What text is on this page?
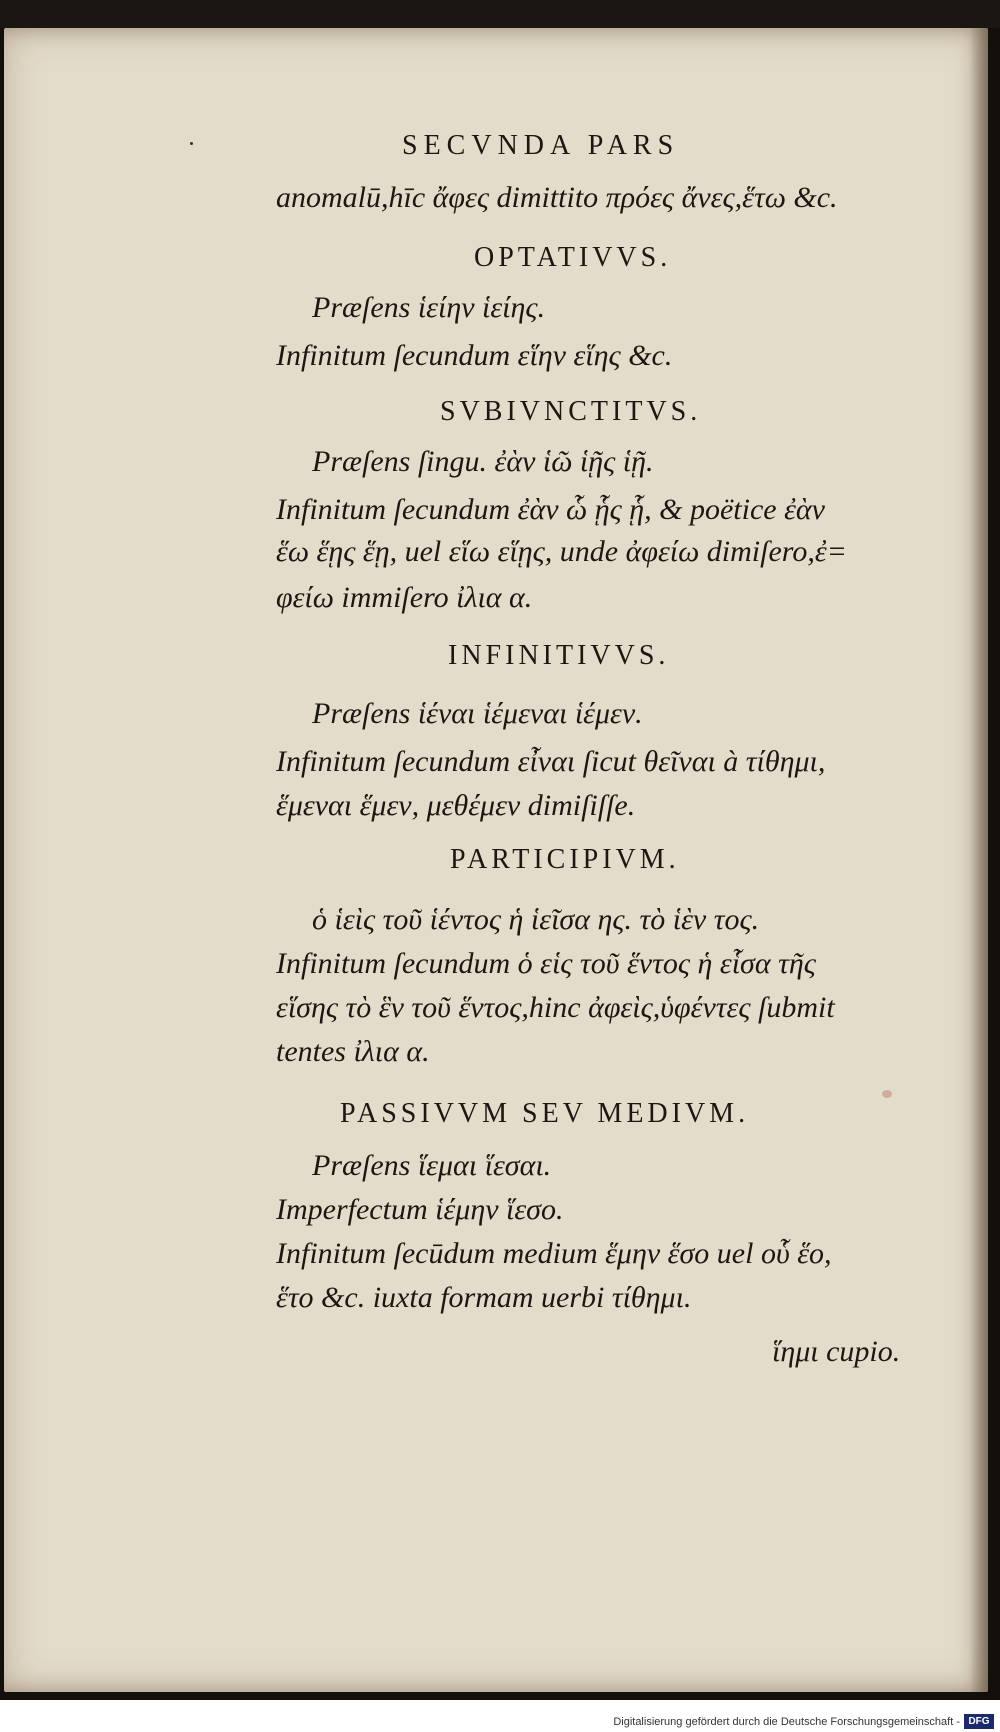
SECVNDA PARS
anomalū,hīc ἄφες dimittito πρόες ἄνες,ἕτω &c.
OPTATIVVS.
Præſens ἱείην ἱείης.
Infinitum ſecundum εἵην εἵης &c.
SVBIVNCTITVS.
Præſens ſingu. ἐὰν ἱῶ ἱῇς ἱῇ.
Infinitum ſecundum ἐὰν ὧ ᾗς ᾗ, & poëtice ἐὰν
ἕω ἕῃς ἕῃ, uel εἵω εἵῃς, unde ἀφείω dimiſero,ἐ=
φείω immiſero ἰλια α.
INFINITIVVS.
Præſens ἱέναι ἱέμεναι ἱέμεν.
Infinitum ſecundum εἶναι ſicut θεῖναι à τίθημι,
ἕμεναι ἕμεν, μεθέμεν dimiſiſſe.
PARTICIPIVM.
ὁ ἱεὶς τοῦ ἱέντος ἡ ἱεῖσα ης. τὸ ἱὲν τος.
Infinitum ſecundum ὁ εἱς τοῦ ἕντος ἡ εἷσα τῆς
εἵσης τὸ ἓν τοῦ ἕντος,hinc ἀφεὶς,ὑφέντες ſubmit
tentes ἰλια α.
PASSIVVM SEV MEDIVM.
Præſens ἵεμαι ἵεσαι.
Imperfectum ἱέμην ἵεσο.
Infinitum ſecūdum medium ἕμην ἕσο uel οὗ ἕο,
ἕτο &c. iuxta formam uerbi τίθημι.
ἵημι cupio.
Digitalisierung gefördert durch die Deutsche Forschungsgemeinschaft - DFG
